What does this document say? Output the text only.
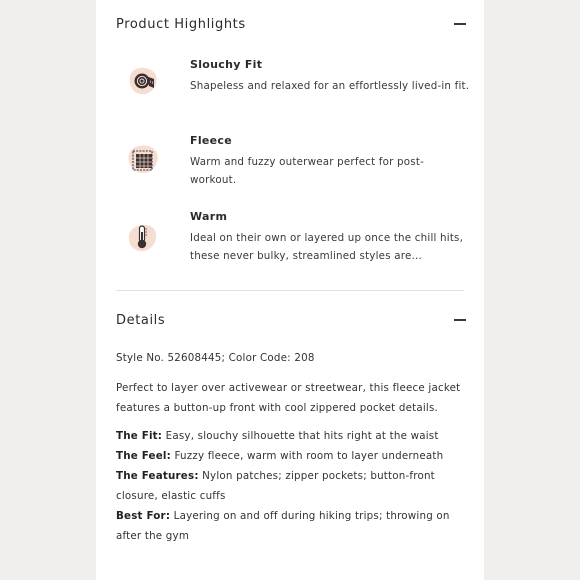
Product Highlights
Slouchy Fit
Shapeless and relaxed for an effortlessly lived-in fit.
Fleece
Warm and fuzzy outerwear perfect for post-workout.
Warm
Ideal on their own or layered up once the chill hits, these never bulky, streamlined styles are…
Details
Style No. 52608445; Color Code: 208
Perfect to layer over activewear or streetwear, this fleece jacket features a button-up front with cool zippered pocket details.
The Fit: Easy, slouchy silhouette that hits right at the waist
The Feel: Fuzzy fleece, warm with room to layer underneath
The Features: Nylon patches; zipper pockets; button-front closure, elastic cuffs
Best For: Layering on and off during hiking trips; throwing on after the gym
